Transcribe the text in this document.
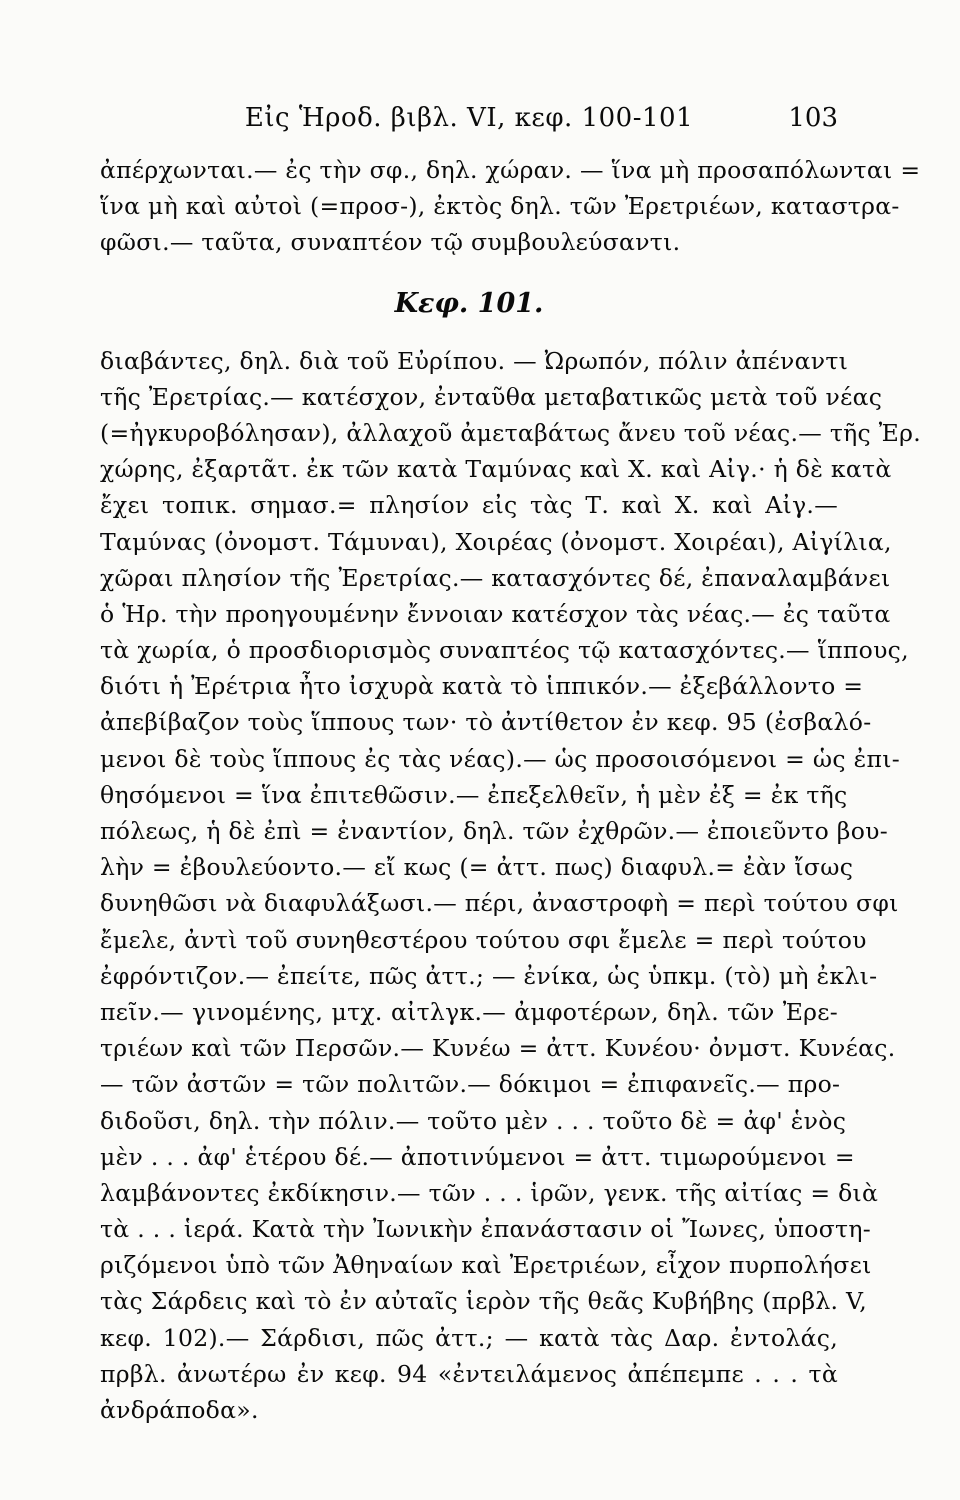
Εἰς Ἡροδ. βιβλ. VI, κεφ. 100-101	103
ἀπέρχωνται.— ἐς τὴν σφ., δηλ. χώραν. — ἵνα μὴ προσαπόλωνται =
ἵνα μὴ καὶ αὐτοὶ (=προσ-), ἐκτὸς δηλ. τῶν Ἐρετριέων, καταστρα-
φῶσι.— ταῦτα, συναπτέον τῷ συμβουλεύσαντι.
Κεφ. 101.
διαβάντες, δηλ. διὰ τοῦ Εὐρίπου. — Ὠρωπόν, πόλιν ἀπέναντι
τῆς Ἐρετρίας.— κατέσχον, ἐνταῦθα μεταβατικῶς μετὰ τοῦ νέας
(=ἠγκυροβόλησαν), ἀλλαχοῦ ἀμεταβάτως ἄνευ τοῦ νέας.— τῆς Ἐρ.
χώρης, ἐξαρτᾶτ. ἐκ τῶν κατὰ Ταμύνας καὶ Χ. καὶ Αἰγ.· ἡ δὲ κατὰ
ἔχει τοπικ. σημασ.= πλησίον εἰς τὰς Τ. καὶ Χ. καὶ Αἰγ.—
Ταμύνας (ὀνομστ. Τάμυναι), Χοιρέας (ὀνομστ. Χοιρέαι), Αἰγίλια,
χῶραι πλησίον τῆς Ἐρετρίας.— κατασχόντες δέ, ἐπαναλαμβάνει
ὁ Ἡρ. τὴν προηγουμένην ἔννοιαν κατέσχον τὰς νέας.— ἐς ταῦτα
τὰ χωρία, ὁ προσδιορισμὸς συναπτέος τῷ κατασχόντες.— ἵππους,
διότι ἡ Ἐρέτρια ἦτο ἰσχυρὰ κατὰ τὸ ἱππικόν.— ἐξεβάλλοντο =
ἀπεβίβαζον τοὺς ἵππους των· τὸ ἀντίθετον ἐν κεφ. 95 (ἐσβαλό-
μενοι δὲ τοὺς ἵππους ἐς τὰς νέας).— ὡς προσοισόμενοι = ὡς ἐπι-
θησόμενοι = ἵνα ἐπιτεθῶσιν.— ἐπεξελθεῖν, ἡ μὲν ἐξ = ἐκ τῆς
πόλεως, ἡ δὲ ἐπὶ = ἐναντίον, δηλ. τῶν ἐχθρῶν.— ἐποιεῦντο βου-
λὴν = ἐβουλεύοντο.— εἴ κως (= ἀττ. πως) διαφυλ.= ἐὰν ἴσως
δυνηθῶσι νὰ διαφυλάξωσι.— πέρι, ἀναστροφὴ = περὶ τούτου σφι
ἔμελε, ἀντὶ τοῦ συνηθεστέρου τούτου σφι ἔμελε = περὶ τούτου
ἐφρόντιζον.— ἐπείτε, πῶς ἀττ.; — ἐνίκα, ὡς ὑπκμ. (τὸ) μὴ ἐκλι-
πεῖν.— γινομένης, μτχ. αἰτλγκ.— ἀμφοτέρων, δηλ. τῶν Ἐρε-
τριέων καὶ τῶν Περσῶν.— Κυνέω = ἀττ. Κυνέου· ὀνμστ. Κυνέας.
— τῶν ἀστῶν = τῶν πολιτῶν.— δόκιμοι = ἐπιφανεῖς.— προ-
διδοῦσι, δηλ. τὴν πόλιν.— τοῦτο μὲν . . . τοῦτο δὲ = ἀφ' ἑνὸς
μὲν . . . ἀφ' ἑτέρου δέ.— ἀποτινύμενοι = ἀττ. τιμωρούμενοι =
λαμβάνοντες ἐκδίκησιν.— τῶν . . . ἱρῶν, γενκ. τῆς αἰτίας = διὰ
τὰ . . . ἱερά. Κατὰ τὴν Ἰωνικὴν ἐπανάστασιν οἱ Ἴωνες, ὑποστη-
ριζόμενοι ὑπὸ τῶν Ἀθηναίων καὶ Ἐρετριέων, εἶχον πυρπολήσει
τὰς Σάρδεις καὶ τὸ ἐν αὐταῖς ἱερὸν τῆς θεᾶς Κυβήβης (πρβλ. V,
κεφ. 102).— Σάρδισι, πῶς ἀττ.; — κατὰ τὰς Δαρ. ἐντολάς,
πρβλ. ἀνωτέρω ἐν κεφ. 94 «ἐντειλάμενος ἀπέπεμπε . . . τὰ
ἀνδράποδα».
